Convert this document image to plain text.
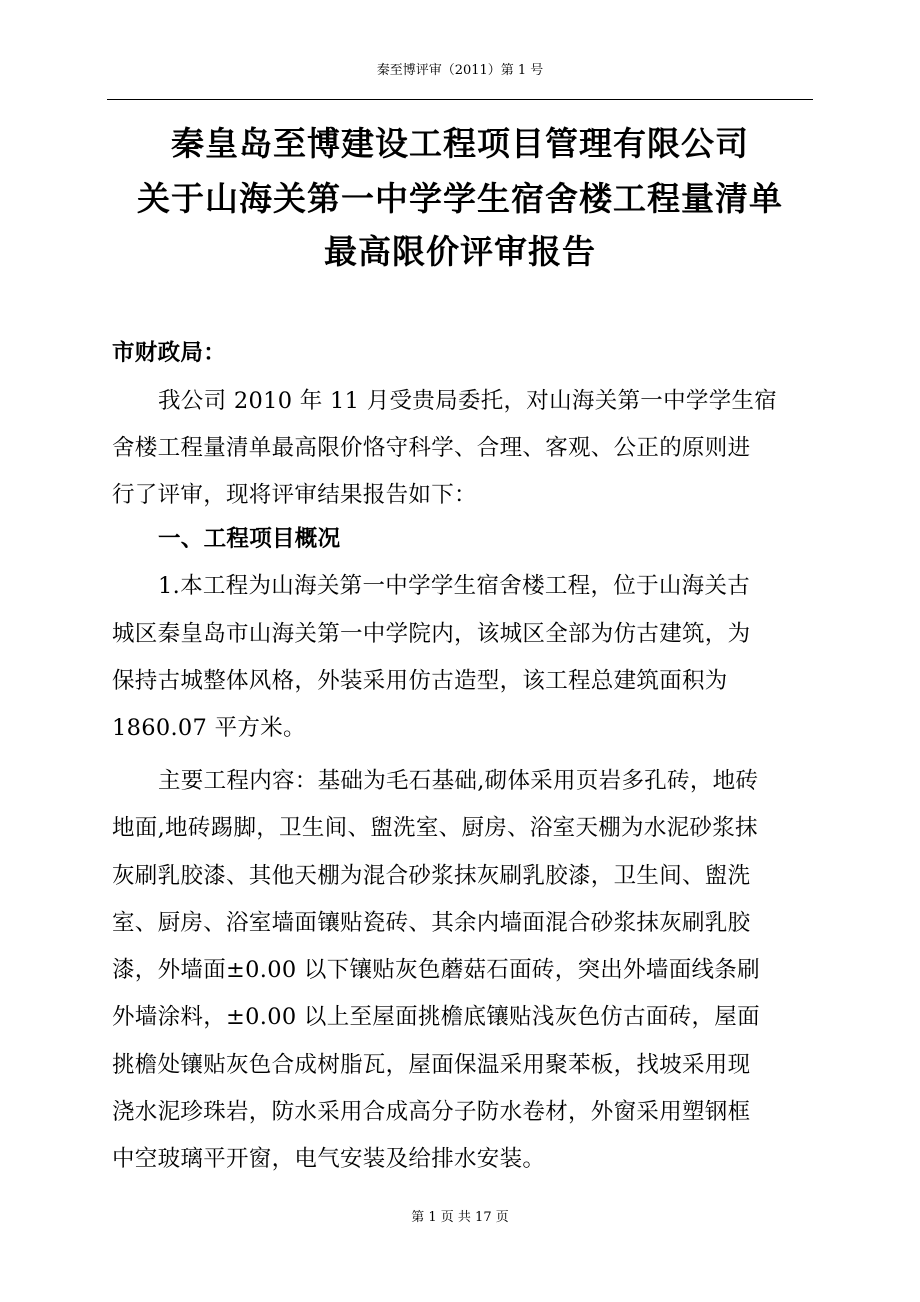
秦至博评审（2011）第 1 号
秦皇岛至博建设工程项目管理有限公司
关于山海关第一中学学生宿舍楼工程量清单
最高限价评审报告
市财政局：
我公司 2010 年 11 月受贵局委托，对山海关第一中学学生宿
舍楼工程量清单最高限价恪守科学、合理、客观、公正的原则进
行了评审，现将评审结果报告如下：
一、工程项目概况
1.本工程为山海关第一中学学生宿舍楼工程，位于山海关古
城区秦皇岛市山海关第一中学院内，该城区全部为仿古建筑，为
保持古城整体风格，外装采用仿古造型，该工程总建筑面积为
1860.07 平方米。
主要工程内容：基础为毛石基础,砌体采用页岩多孔砖，地砖
地面,地砖踢脚，卫生间、盥洗室、厨房、浴室天棚为水泥砂浆抹
灰刷乳胶漆、其他天棚为混合砂浆抹灰刷乳胶漆，卫生间、盥洗
室、厨房、浴室墙面镶贴瓷砖、其余内墙面混合砂浆抹灰刷乳胶
漆，外墙面±0.00 以下镶贴灰色蘑菇石面砖，突出外墙面线条刷
外墙涂料，±0.00 以上至屋面挑檐底镶贴浅灰色仿古面砖，屋面
挑檐处镶贴灰色合成树脂瓦，屋面保温采用聚苯板，找坡采用现
浇水泥珍珠岩，防水采用合成高分子防水卷材，外窗采用塑钢框
中空玻璃平开窗，电气安装及给排水安装。
第 1 页 共 17 页
